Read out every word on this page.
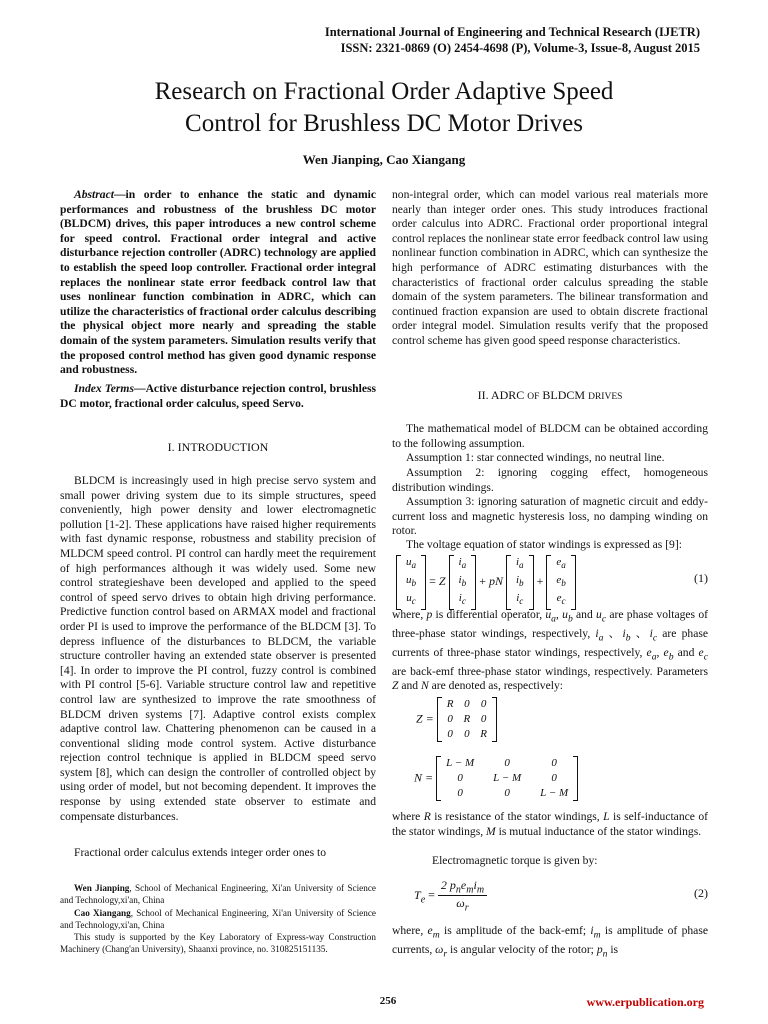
International Journal of Engineering and Technical Research (IJETR)
ISSN: 2321-0869 (O) 2454-4698 (P), Volume-3, Issue-8, August 2015
Research on Fractional Order Adaptive Speed
Control for Brushless DC Motor Drives
Wen Jianping, Cao Xiangang

Abstract—in order to enhance the static and dynamic performances and robustness of the brushless DC motor (BLDCM) drives, this paper introduces a new control scheme for speed control. Fractional order integral and active disturbance rejection controller (ADRC) technology are applied to establish the speed loop controller. Fractional order integral replaces the nonlinear state error feedback control law that uses nonlinear function combination in ADRC, which can utilize the characteristics of fractional order calculus describing the physical object more nearly and spreading the stable domain of the system parameters. Simulation results verify that the proposed control method has given good dynamic response and robustness.

Index Terms—Active disturbance rejection control, brushless DC motor, fractional order calculus, speed Servo.

I. INTRODUCTION

BLDCM is increasingly used in high precise servo system and small power driving system due to its simple structures, speed conveniently, high power density and lower electromagnetic pollution [1-2]. These applications have raised higher requirements with fast dynamic response, robustness and stability precision of MLDCM speed control. PI control can hardly meet the requirement of high performances although it was widely used. Some new control strategieshave been developed and applied to the speed control of speed servo drives to obtain high driving performance. Predictive function control based on ARMAX model and fractional order PI is used to improve the performance of the BLDCM [3]. To depress influence of the disturbances to BLDCM, the variable structure controller having an extended state observer is presented [4]. In order to improve the PI control, fuzzy control is combined with PI control [5-6]. Variable structure control law and repetitive control law are synthesized to improve the rate smoothness of BLDCM driven systems [7]. Adaptive control exists complex adaptive control law. Chattering phenomenon can be caused in a conventional sliding mode control system. Active disturbance rejection control technique is applied in BLDCM speed servo system [8], which can design the controller of controlled object by using order of model, but not becoming dependent. It improves the response by using extended state observer to estimate and compensate disturbances.

Fractional order calculus extends integer order ones to

Wen Jianping, School of Mechanical Engineering, Xi'an University of Science and Technology,xi'an, China

Cao Xiangang, School of Mechanical Engineering, Xi'an University of Science and Technology,xi'an, China

This study is supported by the Key Laboratory of Express-way Construction Machinery (Chang'an University), Shaanxi province, no. 310825151135.

non-integral order, which can model various real materials more nearly than integer order ones. This study introduces fractional order calculus into ADRC. Fractional order proportional integral control replaces the nonlinear state error feedback control law using nonlinear function combination in ADRC, which can synthesize the high performance of ADRC estimating disturbances with the characteristics of fractional order calculus spreading the stable domain of the system parameters. The bilinear transformation and continued fraction expansion are used to obtain discrete fractional order integral model. Simulation results verify that the proposed control scheme has given good speed response characteristics.

II. ADRC OF BLDCM DRIVES

The mathematical model of BLDCM can be obtained according to the following assumption.

Assumption 1: star connected windings, no neutral line.

Assumption 2: ignoring cogging effect, homogeneous distribution windings.

Assumption 3: ignoring saturation of magnetic circuit and eddy-current loss and magnetic hysteresis loss, no damping winding on rotor.

The voltage equation of stator windings is expressed as [9]:

$u_a$
$u_b$
$u_c$
= Z
$i_a$
$i_b$
$i_c$
+ pN
$i_a$
$i_b$
$i_c$
+
$e_a$
$e_b$
$e_c$
(1)

where, p is differential operator, $u_a$, $u_b$ and $u_c$ are phase voltages of three-phase stator windings, respectively, $i_a$ 、$i_b$ 、$i_c$ are phase currents of three-phase stator windings, respectively, $e_a$, $e_b$ and $e_c$ are back-emf three-phase stator windings, respectively. Parameters Z and N are denoted as, respectively:

Z =
R	0	0
0	R	0
0	0	R
N =
L − M	0	0
0	L − M	0
0	0	L − M

where R is resistance of the stator windings, L is self-inductance of the stator windings, M is mutual inductance of the stator windings.

Electromagnetic torque is given by:

$T_e = \frac{2 p_ne_mi_m}{\omega_r}$	(2)

where, $e_m$ is amplitude of the back-emf; $i_m$ is amplitude of phase currents, $\omega_r$ is angular velocity of the rotor; $p_n$ is

256	www.erpublication.org
